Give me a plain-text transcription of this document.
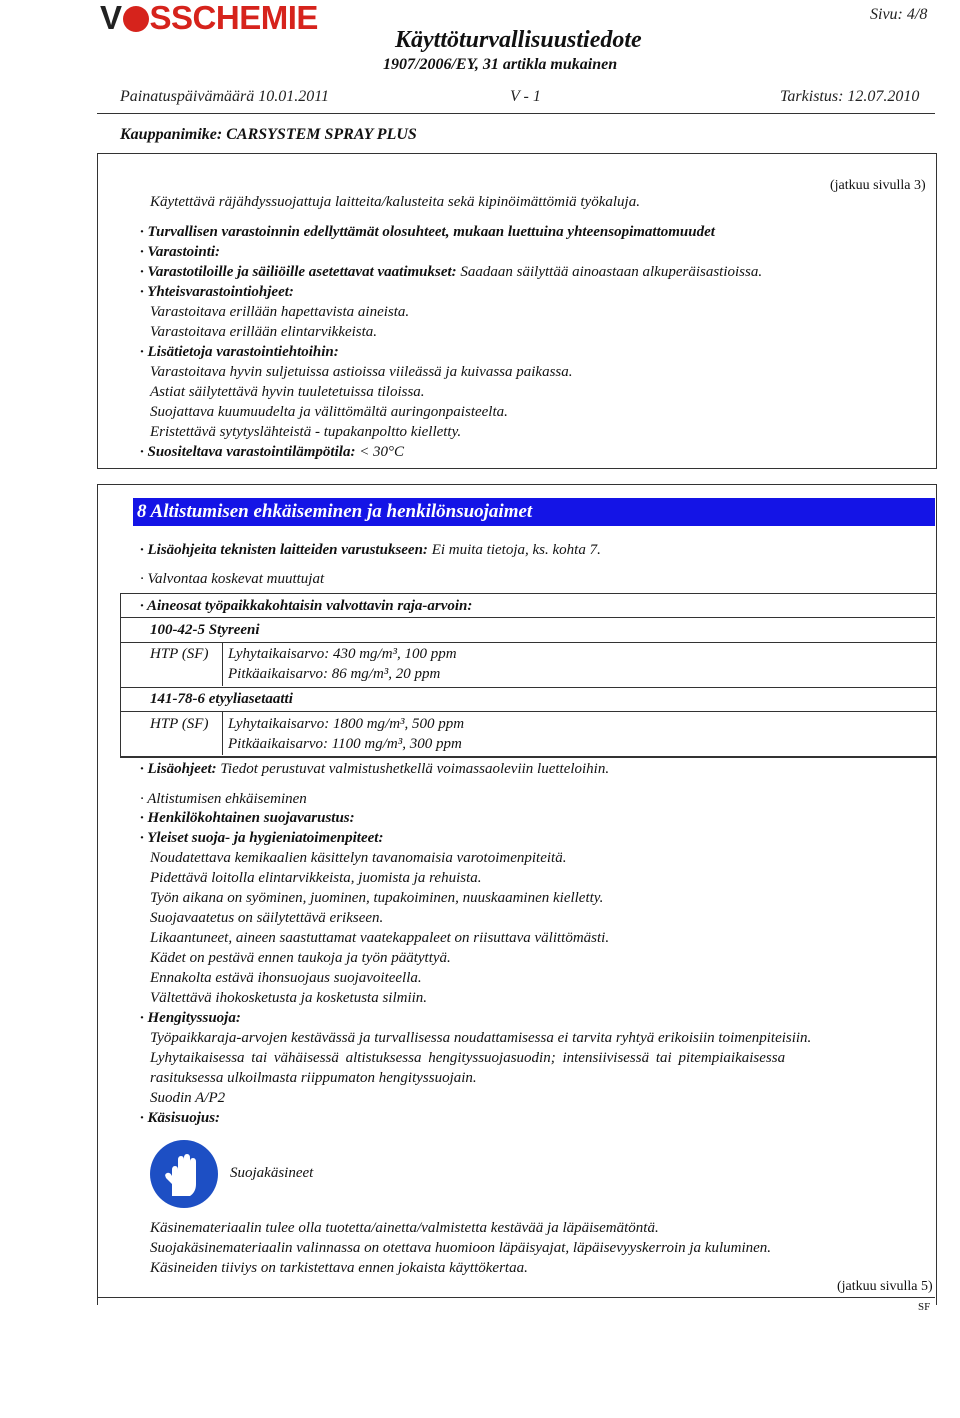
V SSCHEMIE
Käyttöturvallisuustiedote
1907/2006/EY, 31 artikla mukainen
Sivu: 4/8
Painatuspäivämäärä 10.01.2011	V - 1	Tarkistus: 12.07.2010
Kauppanimike: CARSYSTEM SPRAY PLUS
(jatkuu sivulla 3)
Käytettävä räjähdyssuojattuja laitteita/kalusteita sekä kipinöimättömiä työkaluja.
· Turvallisen varastoinnin edellyttämät olosuhteet, mukaan luettuina yhteensopimattomuudet
· Varastointi:
· Varastotiloille ja säiliöille asetettavat vaatimukset: Saadaan säilyttää ainoastaan alkuperäisastioissa.
· Yhteisvarastointiohjeet:
Varastoitava erillään hapettavista aineista.
Varastoitava erillään elintarvikkeista.
· Lisätietoja varastointiehtoihin:
Varastoitava hyvin suljetuissa astioissa viileässä ja kuivassa paikassa.
Astiat säilytettävä hyvin tuuletetuissa tiloissa.
Suojattava kuumuudelta ja välittömältä auringonpaisteelta.
Eristettävä sytytyslähteistä - tupakanpoltto kielletty.
· Suositeltava varastointilämpötila: < 30°C
8 Altistumisen ehkäiseminen ja henkilönsuojaimet
· Lisäohjeita teknisten laitteiden varustukseen: Ei muita tietoja, ks. kohta 7.
· Valvontaa koskevat muuttujat
· Aineosat työpaikkakohtaisin valvottavin raja-arvoin:
100-42-5 Styreeni
HTP (SF) Lyhytaikaisarvo: 430 mg/m³, 100 ppm
Pitkäaikaisarvo: 86 mg/m³, 20 ppm
141-78-6 etyyliasetaatti
HTP (SF) Lyhytaikaisarvo: 1800 mg/m³, 500 ppm
Pitkäaikaisarvo: 1100 mg/m³, 300 ppm
· Lisäohjeet: Tiedot perustuvat valmistushetkellä voimassaoleviin luetteloihin.
· Altistumisen ehkäiseminen
· Henkilökohtainen suojavarustus:
· Yleiset suoja- ja hygieniatoimenpiteet:
Noudatettava kemikaalien käsittelyn tavanomaisia varotoimenpiteitä.
Pidettävä loitolla elintarvikkeista, juomista ja rehuista.
Työn aikana on syöminen, juominen, tupakoiminen, nuuskaaminen kielletty.
Suojavaatetus on säilytettävä erikseen.
Likaantuneet, aineen saastuttamat vaatekappaleet on riisuttava välittömästi.
Kädet on pestävä ennen taukoja ja työn päätyttyä.
Ennakolta estävä ihonsuojaus suojavoiteella.
Vältettävä ihokosketusta ja kosketusta silmiin.
· Hengityssuoja:
Työpaikkaraja-arvojen kestävässä ja turvallisessa noudattamisessa ei tarvita ryhtyä erikoisiin toimenpiteisiin.
Lyhytaikaisessa tai vähäisessä altistuksessa hengityssuojasuodin; intensiivisessä tai pitempiaikaisessa
rasituksessa ulkoilmasta riippumaton hengityssuojain.
Suodin A/P2
· Käsisuojus:
Suojakäsineet
Käsinemateriaalin tulee olla tuotetta/ainetta/valmistetta kestävää ja läpäisemätöntä.
Suojakäsinemateriaalin valinnassa on otettava huomioon läpäisyajat, läpäisevyyskerroin ja kuluminen.
Käsineiden tiiviys on tarkistettava ennen jokaista käyttökertaa.
(jatkuu sivulla 5)
SF
